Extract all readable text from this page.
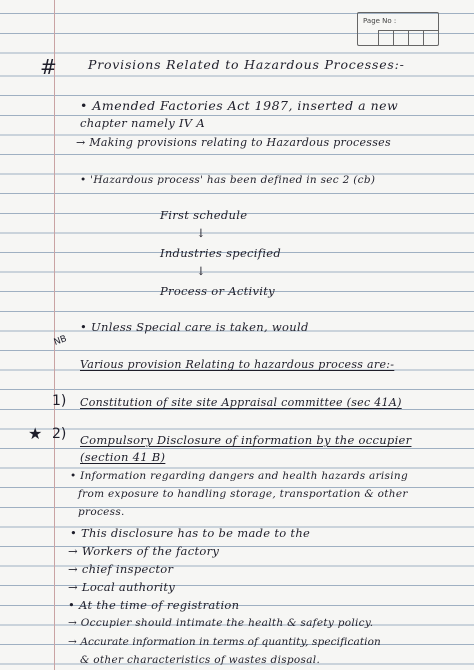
Page No :
#
NB
1)
★ 2)
Provisions Related to Hazardous Processes:-
• Amended Factories Act 1987, inserted a new
chapter namely IV A
→ Making provisions relating to Hazardous processes
• 'Hazardous process' has been defined in sec 2 (cb)
First schedule
↓
Industries specified
↓
Process or Activity
• Unless Special care is taken, would
Various provision Relating to hazardous process are:-
Constitution of site site Appraisal committee (sec 41A)
Compulsory Disclosure of information by the occupier
(section 41 B)
• Information regarding dangers and health hazards arising
from exposure to handling storage, transportation & other
process.
• This disclosure has to be made to the
→ Workers of the factory
→ chief inspector
→ Local authority
• At the time of registration
→ Occupier should intimate the health & safety policy.
→ Accurate information in terms of quantity, specification
& other characteristics of wastes disposal.
